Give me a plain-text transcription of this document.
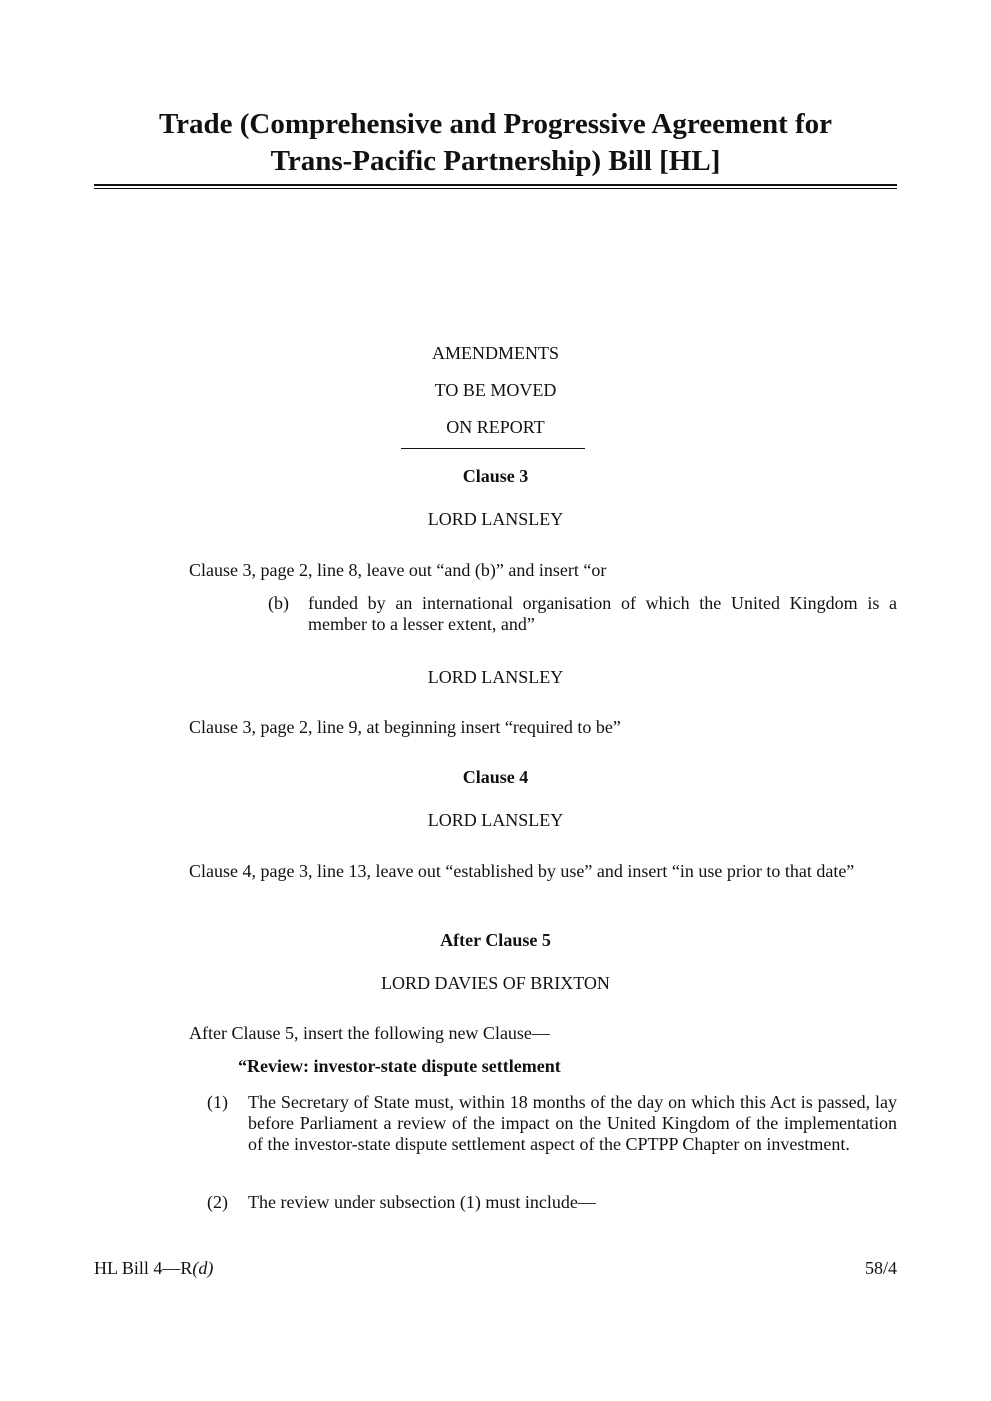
Trade (Comprehensive and Progressive Agreement for
Trans-Pacific Partnership) Bill [HL]
AMENDMENTS
TO BE MOVED
ON REPORT
Clause 3
LORD LANSLEY
Clause 3, page 2, line 8, leave out “and (b)” and insert “or
(b) funded by an international organisation of which the United Kingdom is a member to a lesser extent, and”
LORD LANSLEY
Clause 3, page 2, line 9, at beginning insert “required to be”
Clause 4
LORD LANSLEY
Clause 4, page 3, line 13, leave out “established by use” and insert “in use prior to that date”
After Clause 5
LORD DAVIES OF BRIXTON
After Clause 5, insert the following new Clause—
“Review: investor-state dispute settlement
(1) The Secretary of State must, within 18 months of the day on which this Act is passed, lay before Parliament a review of the impact on the United Kingdom of the implementation of the investor-state dispute settlement aspect of the CPTPP Chapter on investment.
(2) The review under subsection (1) must include—
HL Bill 4—R(d)	58/4
